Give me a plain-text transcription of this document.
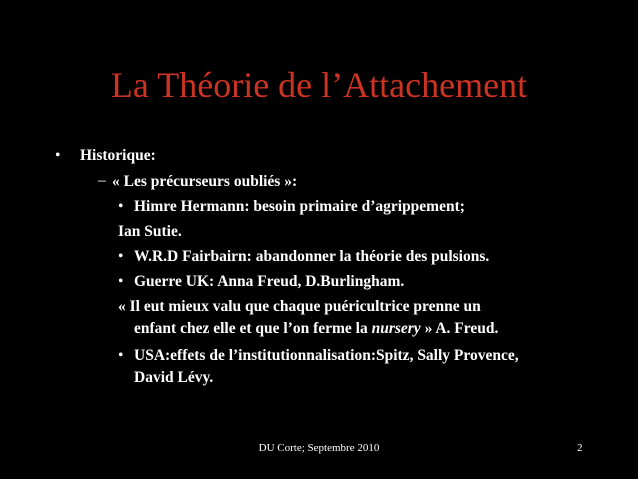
La Théorie de l’Attachement
• Historique:
– « Les précurseurs oubliés »:
• Himre Hermann: besoin primaire d’agrippement;
Ian Sutie.
• W.R.D Fairbairn: abandonner la théorie des pulsions.
• Guerre UK: Anna Freud, D.Burlingham.
« Il eut mieux valu que chaque puéricultrice prenne un
enfant chez elle et que l’on ferme la nursery » A. Freud.
• USA:effets de l’institutionnalisation:Spitz, Sally Provence,
David Lévy.
DU Corte; Septembre 2010	2
